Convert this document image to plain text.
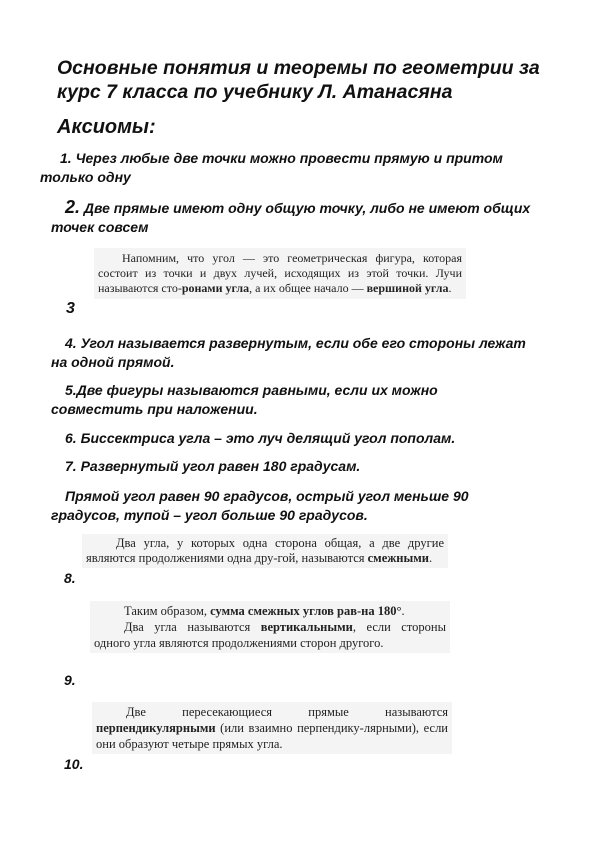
Основные понятия и теоремы по геометрии за курс 7 класса по учебнику Л. Атанасяна
Аксиомы:
1. Через любые две точки можно провести прямую и притом только одну
2. Две прямые имеют одну общую точку, либо не имеют общих точек совсем
Напомним, что угол — это геометрическая фигура, которая состоит из точки и двух лучей, исходящих из этой точки. Лучи называются сто-ронами угла, а их общее начало — вершиной угла.
3
4. Угол называется развернутым, если обе его стороны лежат на одной прямой.
5.Две фигуры называются равными, если их можно совместить при наложении.
6. Биссектриса угла – это луч делящий угол пополам.
7. Развернутый угол равен 180 градусам.
Прямой угол равен 90 градусов, острый угол меньше 90 градусов, тупой – угол больше 90 градусов.
Два угла, у которых одна сторона общая, а две другие являются продолжениями одна дру-гой, называются смежными.
8.
Таким образом, сумма смежных углов рав-на 180°.
Два угла называются вертикальными, если стороны одного угла являются продолжениями сторон другого.
9.
Две пересекающиеся прямые называются перпендикулярными (или взаимно перпендику-лярными), если они образуют четыре прямых угла.
10.
